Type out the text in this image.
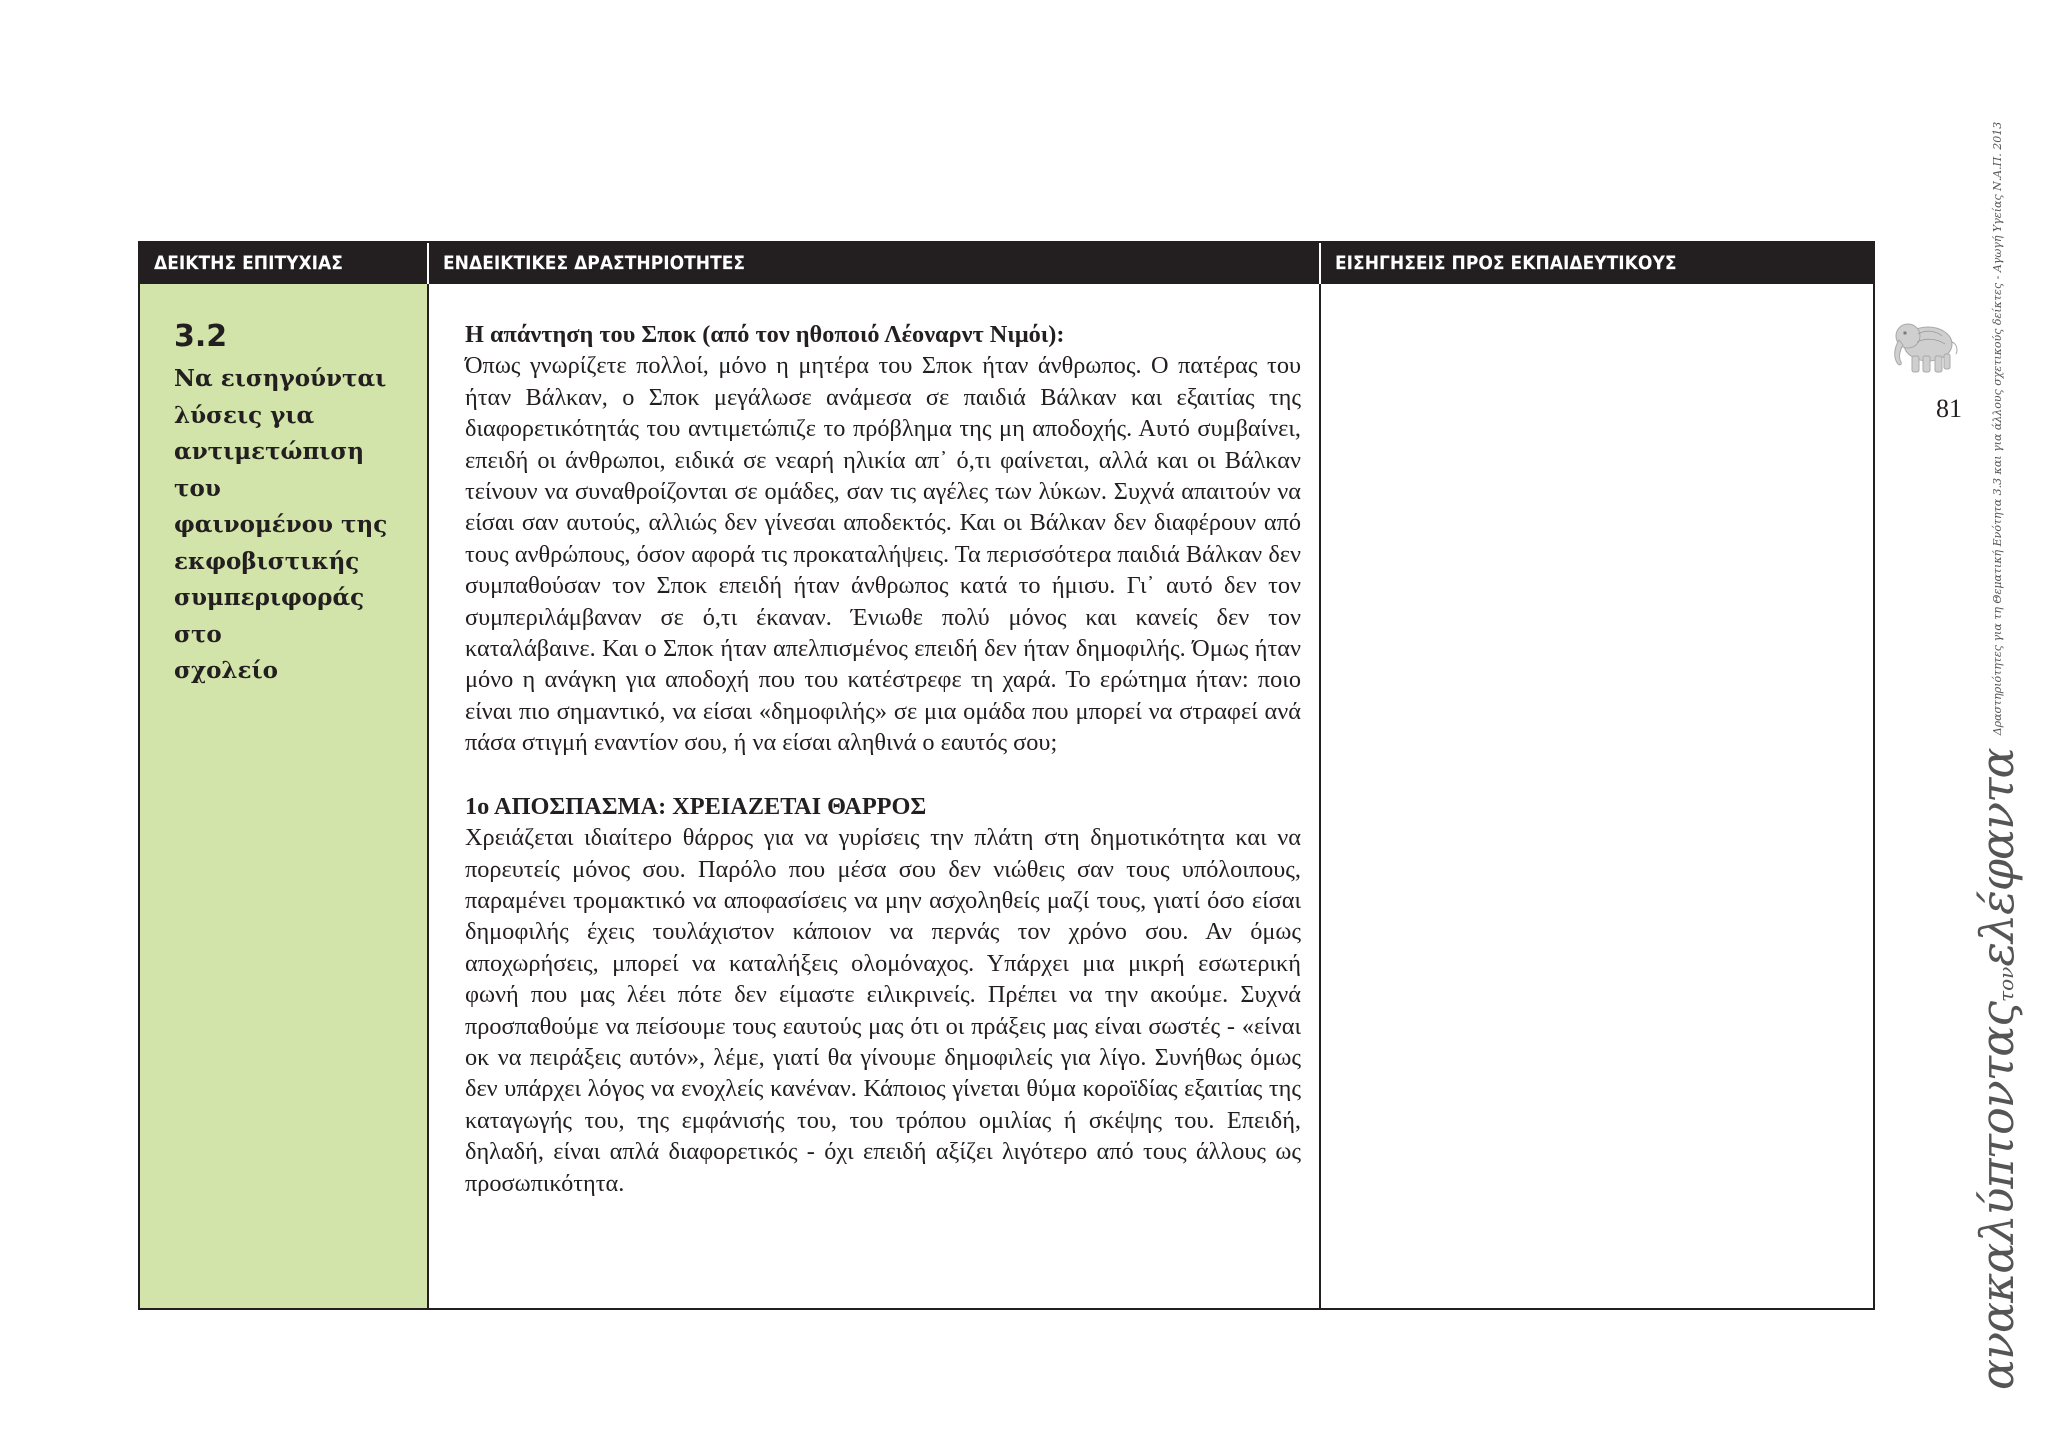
ΔΕΙΚΤΗΣ ΕΠΙΤΥΧΙΑΣ	ΕΝΔΕΙΚΤΙΚΕΣ ΔΡΑΣΤΗΡΙΟΤΗΤΕΣ	ΕΙΣΗΓΗΣΕΙΣ ΠΡΟΣ ΕΚΠΑΙΔΕΥΤΙΚΟΥΣ
3.2
Να εισηγούνται
λύσεις για
αντιμετώπιση του
φαινομένου της
εκφοβιστικής
συμπεριφοράς στο
σχολείο

Η απάντηση του Σποκ (από τον ηθοποιό Λέοναρντ Νιμόι):

Όπως γνωρίζετε πολλοί, μόνο η μητέρα του Σποκ ήταν άνθρωπος. Ο πατέρας του ήταν Βάλκαν, ο Σποκ μεγάλωσε ανάμεσα σε παιδιά Βάλκαν και εξαιτίας της διαφορετικότητάς του αντιμετώπιζε το πρόβλημα της μη αποδοχής. Αυτό συμβαίνει, επειδή οι άνθρωποι, ειδικά σε νεαρή ηλικία απ᾽ ό,τι φαίνεται, αλλά και οι Βάλκαν τείνουν να συναθροίζονται σε ομάδες, σαν τις αγέλες των λύκων. Συχνά απαιτούν να είσαι σαν αυτούς, αλλιώς δεν γίνεσαι αποδεκτός. Και οι Βάλκαν δεν διαφέρουν από τους ανθρώπους, όσον αφορά τις προκαταλήψεις. Τα περισσότερα παιδιά Βάλκαν δεν συμπαθούσαν τον Σποκ επειδή ήταν άνθρωπος κατά το ήμισυ. Γι᾽ αυτό δεν τον συμπεριλάμβαναν σε ό,τι έκαναν. Ένιωθε πολύ μόνος και κανείς δεν τον καταλάβαινε. Και ο Σποκ ήταν απελπισμένος επειδή δεν ήταν δημοφιλής. Όμως ήταν μόνο η ανάγκη για αποδοχή που του κατέστρεφε τη χαρά. Το ερώτημα ήταν: ποιο είναι πιο σημαντικό, να είσαι «δημοφιλής» σε μια ομάδα που μπορεί να στραφεί ανά πάσα στιγμή εναντίον σου, ή να είσαι αληθινά ο εαυτός σου;

1ο ΑΠΟΣΠΑΣΜΑ: ΧΡΕΙΑΖΕΤΑΙ ΘΑΡΡΟΣ

Χρειάζεται ιδιαίτερο θάρρος για να γυρίσεις την πλάτη στη δημοτικότητα και να πορευτείς μόνος σου. Παρόλο που μέσα σου δεν νιώθεις σαν τους υπόλοιπους, παραμένει τρομακτικό να αποφασίσεις να μην ασχοληθείς μαζί τους, γιατί όσο είσαι δημοφιλής έχεις τουλάχιστον κάποιον να περνάς τον χρόνο σου. Αν όμως αποχωρήσεις, μπορεί να καταλήξεις ολομόναχος. Υπάρχει μια μικρή εσωτερική φωνή που μας λέει πότε δεν είμαστε ειλικρινείς. Πρέπει να την ακούμε. Συχνά προσπαθούμε να πείσουμε τους εαυτούς μας ότι οι πράξεις μας είναι σωστές - «είναι οκ να πειράξεις αυτόν», λέμε, γιατί θα γίνουμε δημοφιλείς για λίγο. Συνήθως όμως δεν υπάρχει λόγος να ενοχλείς κανέναν. Κάποιος γίνεται θύμα κοροϊδίας εξαιτίας της καταγωγής του, της εμφάνισής του, του τρόπου ομιλίας ή σκέψης του. Επειδή, δηλαδή, είναι απλά διαφορετικός - όχι επειδή αξίζει λιγότερο από τους άλλους ως προσωπικότητα.

81
ανακαλύπτονταςτονελέφαντα $^{\Delta\rho\alpha\sigma\tau\eta\rho\iota ό\tau\eta\tau\varepsilon\varsigma \gamma\iota\alpha \tau\eta \Theta\varepsilon\mu\alpha\tau\iota\kappa ή E\nu ό\tau\eta\tau\alpha 3.3 \kappa\alpha\iota \gamma\iota\alpha ά\lambda\lambda o\upsilon\varsigma \sigma\chi\varepsilon\tau\iota\kappa oύ\varsigma \delta\varepsilon ί\kappa\tau\varepsilon\varsigma - A\gamma\omega\gamma ή \Upsilon\gamma\varepsilon ί\alpha\varsigma N.A.\Pi. 2013}$
